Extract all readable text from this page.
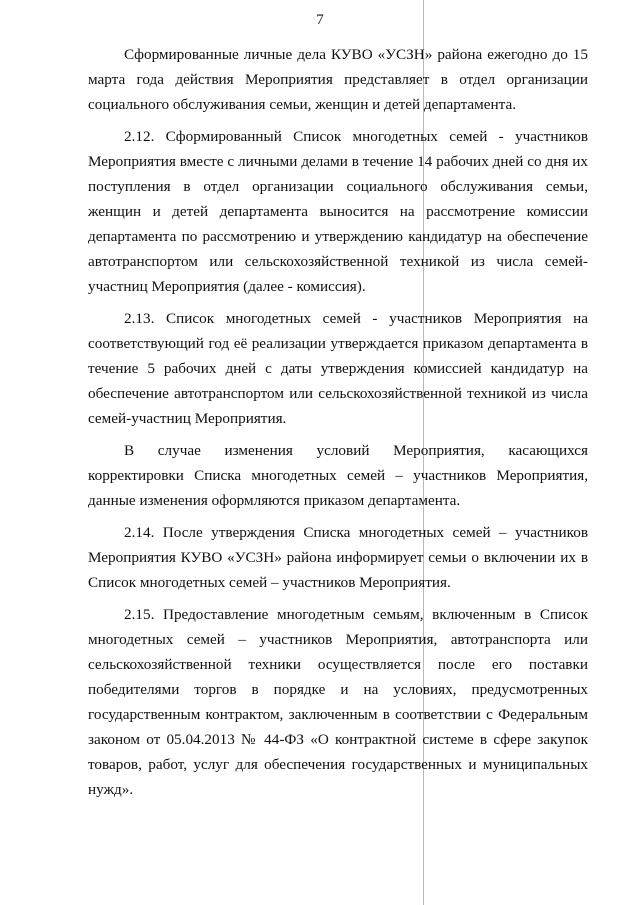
7

Сформированные личные дела КУВО «УСЗН» района ежегодно до 15 марта года действия Мероприятия представляет в отдел организации социального обслуживания семьи, женщин и детей департамента.

2.12. Сформированный Список многодетных семей - участников Мероприятия вместе с личными делами в течение 14 рабочих дней со дня их поступления в отдел организации социального обслуживания семьи, женщин и детей департамента выносится на рассмотрение комиссии департамента по рассмотрению и утверждению кандидатур на обеспечение автотранспортом или сельскохозяйственной техникой из числа семей-участниц Мероприятия (далее - комиссия).

2.13. Список многодетных семей - участников Мероприятия на соответствующий год её реализации утверждается приказом департамента в течение 5 рабочих дней с даты утверждения комиссией кандидатур на обеспечение автотранспортом или сельскохозяйственной техникой из числа семей-участниц Мероприятия.

В случае изменения условий Мероприятия, касающихся корректировки Списка многодетных семей – участников Мероприятия, данные изменения оформляются приказом департамента.

2.14. После утверждения Списка многодетных семей – участников Мероприятия КУВО «УСЗН» района информирует семьи о включении их в Список многодетных семей – участников Мероприятия.

2.15. Предоставление многодетным семьям, включенным в Список многодетных семей – участников Мероприятия, автотранспорта или сельскохозяйственной техники осуществляется после его поставки победителями торгов в порядке и на условиях, предусмотренных государственным контрактом, заключенным в соответствии с Федеральным законом от 05.04.2013 № 44-ФЗ «О контрактной системе в сфере закупок товаров, работ, услуг для обеспечения государственных и муниципальных нужд».
